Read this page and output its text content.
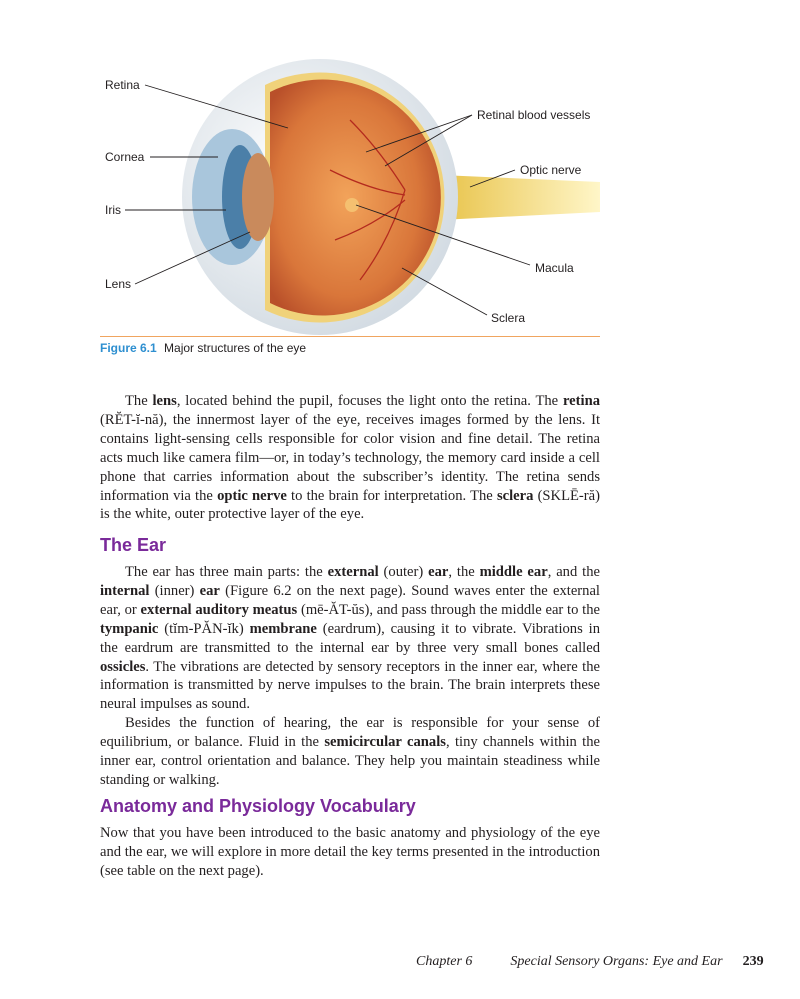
Retina
Cornea
Iris
Lens
Retinal blood vessels
Optic nerve
Macula
Sclera
Figure 6.1 Major structures of the eye

The lens, located behind the pupil, focuses the light onto the retina. The retina (RĔT-ĭ-nă), the innermost layer of the eye, receives images formed by the lens. It contains light-sensing cells responsible for color vision and fine detail. The retina acts much like camera film—or, in today’s technology, the memory card inside a cell phone that carries information about the subscriber’s identity. The retina sends information via the optic nerve to the brain for interpretation. The sclera (SKLĒ-ră) is the white, outer protective layer of the eye.

The Ear

The ear has three main parts: the external (outer) ear, the middle ear, and the internal (inner) ear (Figure 6.2 on the next page). Sound waves enter the external ear, or external auditory meatus (mē-ĂT-ŭs), and pass through the middle ear to the tympanic (tĭm-PĂN-ĭk) membrane (eardrum), causing it to vibrate. Vibrations in the eardrum are transmitted to the internal ear by three very small bones called ossicles. The vibrations are detected by sensory receptors in the inner ear, where the information is transmitted by nerve impulses to the brain. The brain interprets these neural impulses as sound.

Besides the function of hearing, the ear is responsible for your sense of equilibrium, or balance. Fluid in the semicircular canals, tiny channels within the inner ear, control orientation and balance. They help you maintain steadiness while standing or walking.

Anatomy and Physiology Vocabulary

Now that you have been introduced to the basic anatomy and physiology of the eye and the ear, we will explore in more detail the key terms presented in the introduction (see table on the next page).

Chapter 6	Special Sensory Organs: Eye and Ear 239
